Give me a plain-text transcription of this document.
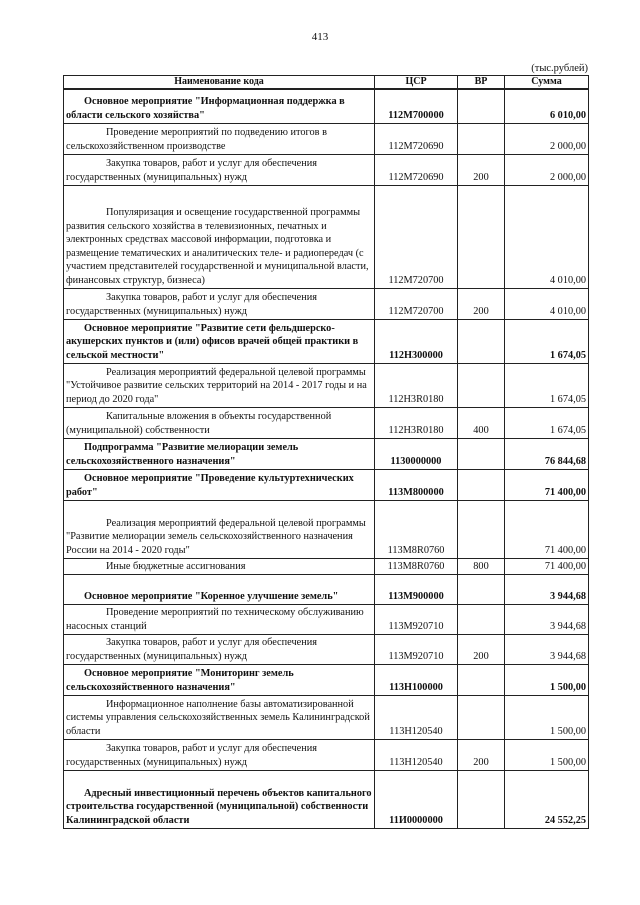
413
(тыс.рублей)
Наименование кода	ЦСР	ВР	Сумма
Основное мероприятие "Информационная поддержка в области сельского хозяйства"	112М700000		6 010,00
Проведение мероприятий по подведению итогов в сельскохозяйственном производстве	112М720690		2 000,00
Закупка товаров, работ и услуг для обеспечения государственных (муниципальных) нужд	112М720690	200	2 000,00
Популяризация и освещение государственной программы развития сельского хозяйства в телевизионных, печатных и электронных средствах массовой информации, подготовка и размещение тематических и аналитических теле- и радиопередач (с участием представителей государственной и муниципальной власти, финансовых структур, бизнеса)	112М720700		4 010,00
Закупка товаров, работ и услуг для обеспечения государственных (муниципальных) нужд	112М720700	200	4 010,00
Основное мероприятие "Развитие сети фельдшерско-акушерских пунктов и (или) офисов врачей общей практики в сельской местности"	112Н300000		1 674,05
Реализация мероприятий федеральной целевой программы "Устойчивое развитие сельских территорий на 2014 - 2017 годы и на период до 2020 года"	112Н3R0180		1 674,05
Капитальные вложения в объекты государственной (муниципальной) собственности	112Н3R0180	400	1 674,05
Подпрограмма "Развитие мелиорации земель сельскохозяйственного назначения"	1130000000		76 844,68
Основное мероприятие "Проведение культуртехнических работ"	113М800000		71 400,00
Реализация мероприятий федеральной целевой программы "Развитие мелиорации земель сельскохозяйственного назначения России на 2014 - 2020 годы"	113М8R0760		71 400,00
Иные бюджетные ассигнования	113М8R0760	800	71 400,00
Основное мероприятие "Коренное улучшение земель"	113М900000		3 944,68
Проведение мероприятий по техническому обслуживанию насосных станций	113М920710		3 944,68
Закупка товаров, работ и услуг для обеспечения государственных (муниципальных) нужд	113М920710	200	3 944,68
Основное мероприятие "Мониторинг земель сельскохозяйственного назначения"	113Н100000		1 500,00
Информационное наполнение базы автоматизированной системы управления сельскохозяйственных земель Калининградской области	113Н120540		1 500,00
Закупка товаров, работ и услуг для обеспечения государственных (муниципальных) нужд	113Н120540	200	1 500,00
Адресный инвестиционный перечень объектов капитального строительства государственной (муниципальной) собственности Калининградской области	11И0000000		24 552,25
